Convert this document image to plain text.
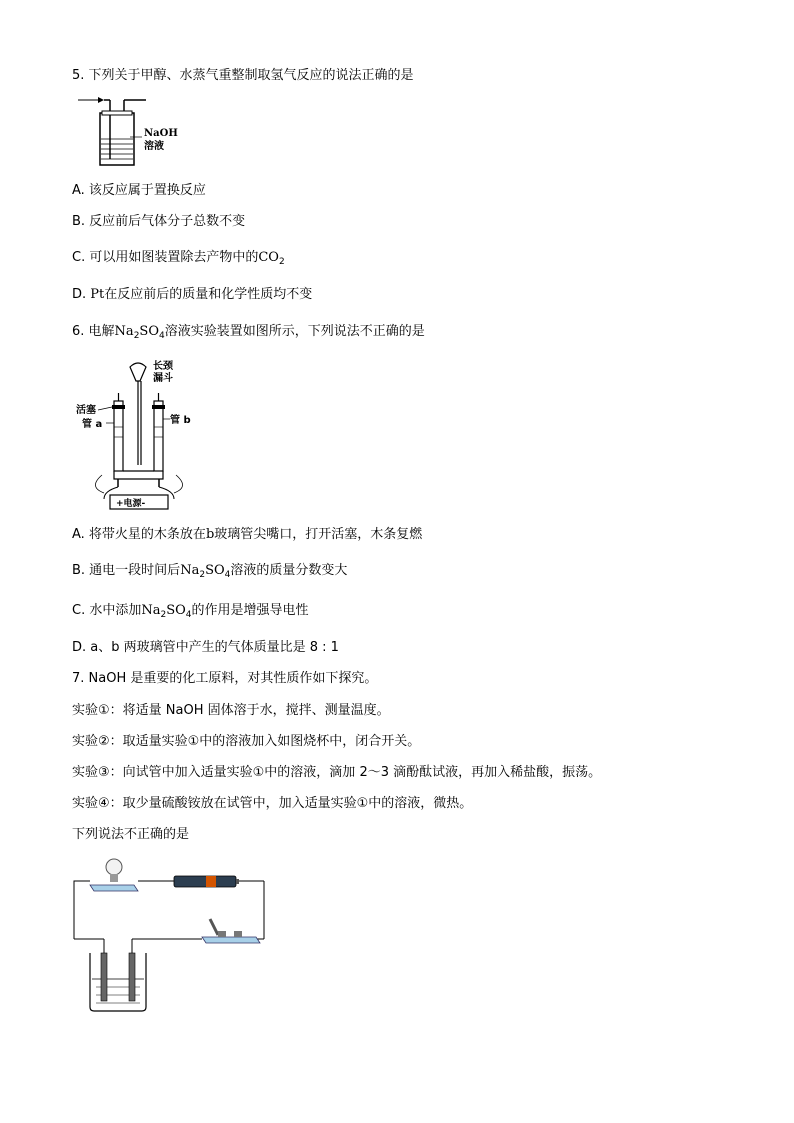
5. 下列关于甲醇、水蒸气重整制取氢气反应的说法正确的是
NaOH
溶液
A. 该反应属于置换反应
B. 反应前后气体分子总数不变
C. 可以用如图装置除去产物中的$CO_2$
D. Pt在反应前后的质量和化学性质均不变
6. 电解$Na_2SO_4$溶液实验装置如图所示，下列说法不正确的是
长颈
漏斗
+电源-
活塞
管 a	管 b
A. 将带火星的木条放在b玻璃管尖嘴口，打开活塞，木条复燃
B. 通电一段时间后$Na_2SO_4$溶液的质量分数变大
C. 水中添加$Na_2SO_4$的作用是增强导电性
D. a、b 两玻璃管中产生的气体质量比是 8 : 1
7. NaOH 是重要的化工原料，对其性质作如下探究。
实验①：将适量 NaOH 固体溶于水，搅拌、测量温度。
实验②：取适量实验①中的溶液加入如图烧杯中，闭合开关。
实验③：向试管中加入适量实验①中的溶液，滴加 2～3 滴酚酞试液，再加入稀盐酸，振荡。
实验④：取少量硫酸铵放在试管中，加入适量实验①中的溶液，微热。
下列说法不正确的是
